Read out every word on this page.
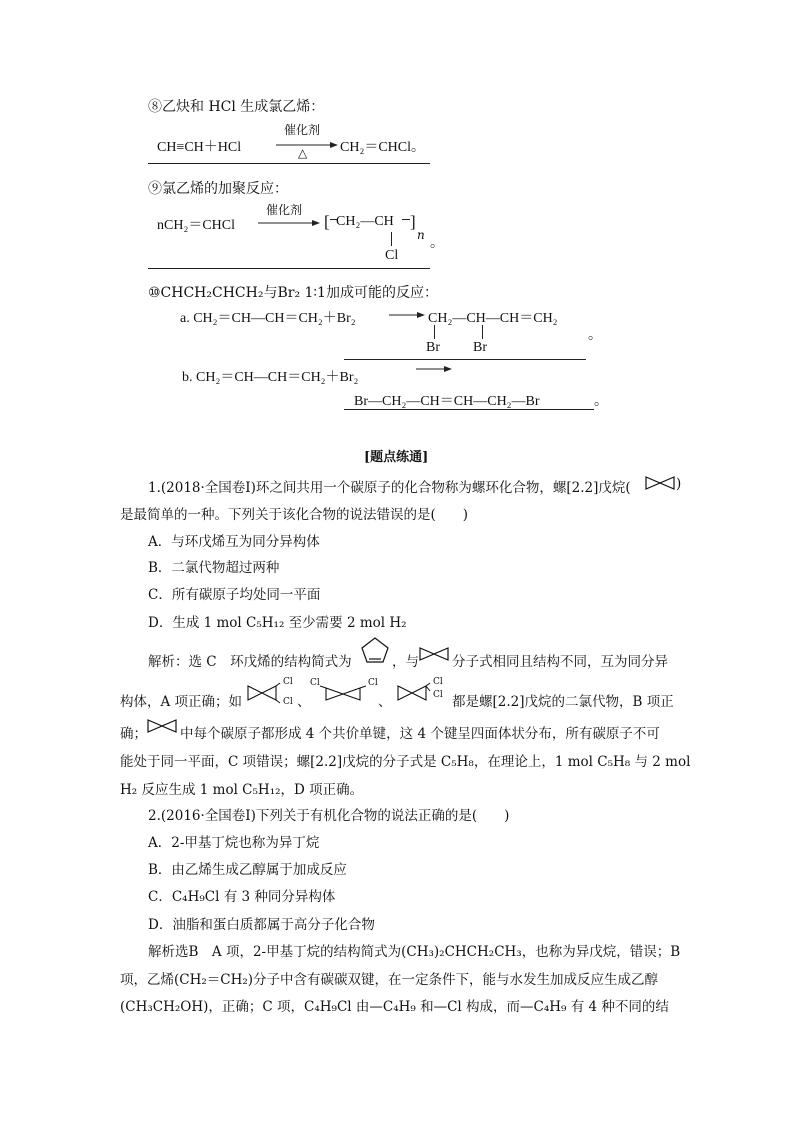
⑧乙炔和 HCl 生成氯乙烯：
CH≡CH＋HCl
催化剂
△ CH₂＝CHCl。
⑨氯乙烯的加聚反应：
nCH₂＝CHCl
催化剂
[ CH₂—CH ]
n
Cl
。
⑩CHCH₂CHCH₂与Br₂ 1∶1加成可能的反应：
a. CH₂＝CH—CH＝CH₂＋Br₂ → CH₂—CH—CH＝CH₂
Br Br
。
b. CH₂＝CH—CH＝CH₂＋Br₂
Br—CH₂—CH＝CH—CH₂—Br	。
[题点练通]
1.(2018·全国卷Ⅰ)环之间共用一个碳原子的化合物称为螺环化合物，螺[2.2]戊烷(	)
是最简单的一种。下列关于该化合物的说法错误的是(　　)
A．与环戊烯互为同分异构体
B．二氯代物超过两种
C．所有碳原子均处同一平面
D．生成 1 mol C₅H₁₂ 至少需要 2 mol H₂
解析：选 C　环戊烯的结构简式为	，与 分子式相同且结构不同，互为同分异
构体，A 项正确；如
Cl
Cl 、
Cl	Cl
、
Cl
Cl 都是螺[2.2]戊烷的二氯代物，B 项正
确； 中每个碳原子都形成 4 个共价单键，这 4 个键呈四面体状分布，所有碳原子不可
能处于同一平面，C 项错误；螺[2.2]戊烷的分子式是 C₅H₈，在理论上，1 mol C₅H₈ 与 2 mol
H₂ 反应生成 1 mol C₅H₁₂，D 项正确。
2.(2016·全国卷Ⅰ)下列关于有机化合物的说法正确的是(　　)
A．2-甲基丁烷也称为异丁烷
B．由乙烯生成乙醇属于加成反应
C．C₄H₉Cl 有 3 种同分异构体
D．油脂和蛋白质都属于高分子化合物
解析选B　A 项，2-甲基丁烷的结构简式为(CH₃)₂CHCH₂CH₃，也称为异戊烷，错误；B
项，乙烯(CH₂＝CH₂)分子中含有碳碳双键，在一定条件下，能与水发生加成反应生成乙醇
(CH₃CH₂OH)，正确；C 项，C₄H₉Cl 由—C₄H₉ 和—Cl 构成，而—C₄H₉ 有 4 种不同的结
